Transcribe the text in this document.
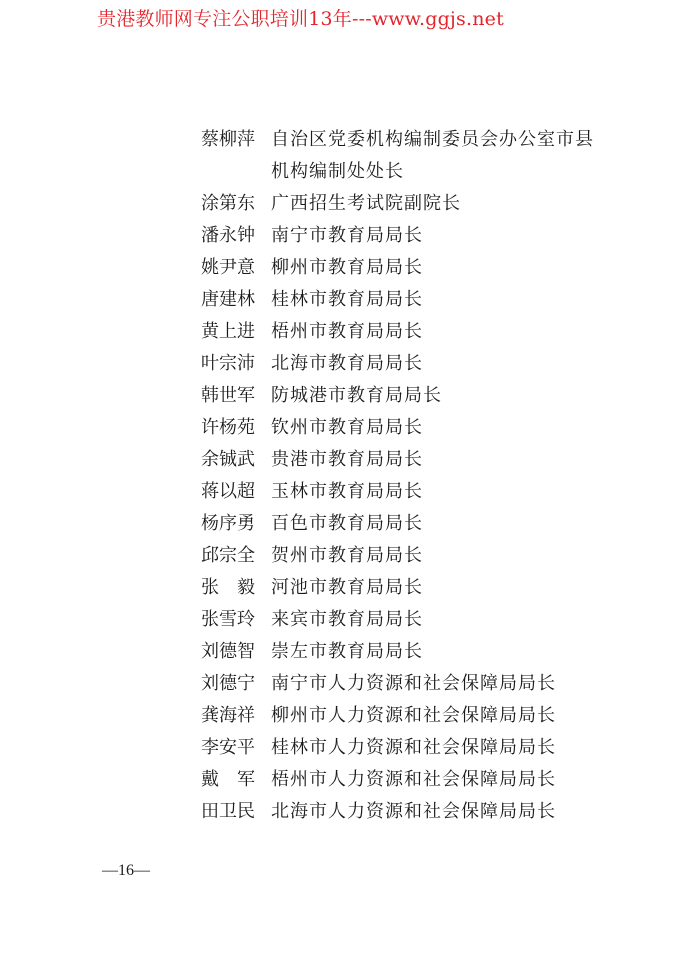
贵港教师网专注公职培训13年---www.ggjs.net
蔡柳萍 自治区党委机构编制委员会办公室市县
机构编制处处长
涂第东 广西招生考试院副院长
潘永钟 南宁市教育局局长
姚尹意 柳州市教育局局长
唐建林 桂林市教育局局长
黄上进 梧州市教育局局长
叶宗沛 北海市教育局局长
韩世军 防城港市教育局局长
许杨苑 钦州市教育局局长
余铖武 贵港市教育局局长
蒋以超 玉林市教育局局长
杨序勇 百色市教育局局长
邱宗全 贺州市教育局局长
张毅
河池市教育局局长
张雪玲 来宾市教育局局长
刘德智 崇左市教育局局长
刘德宁 南宁市人力资源和社会保障局局长
龚海祥 柳州市人力资源和社会保障局局长
李安平 桂林市人力资源和社会保障局局长
戴军
梧州市人力资源和社会保障局局长
田卫民 北海市人力资源和社会保障局局长
—16—
